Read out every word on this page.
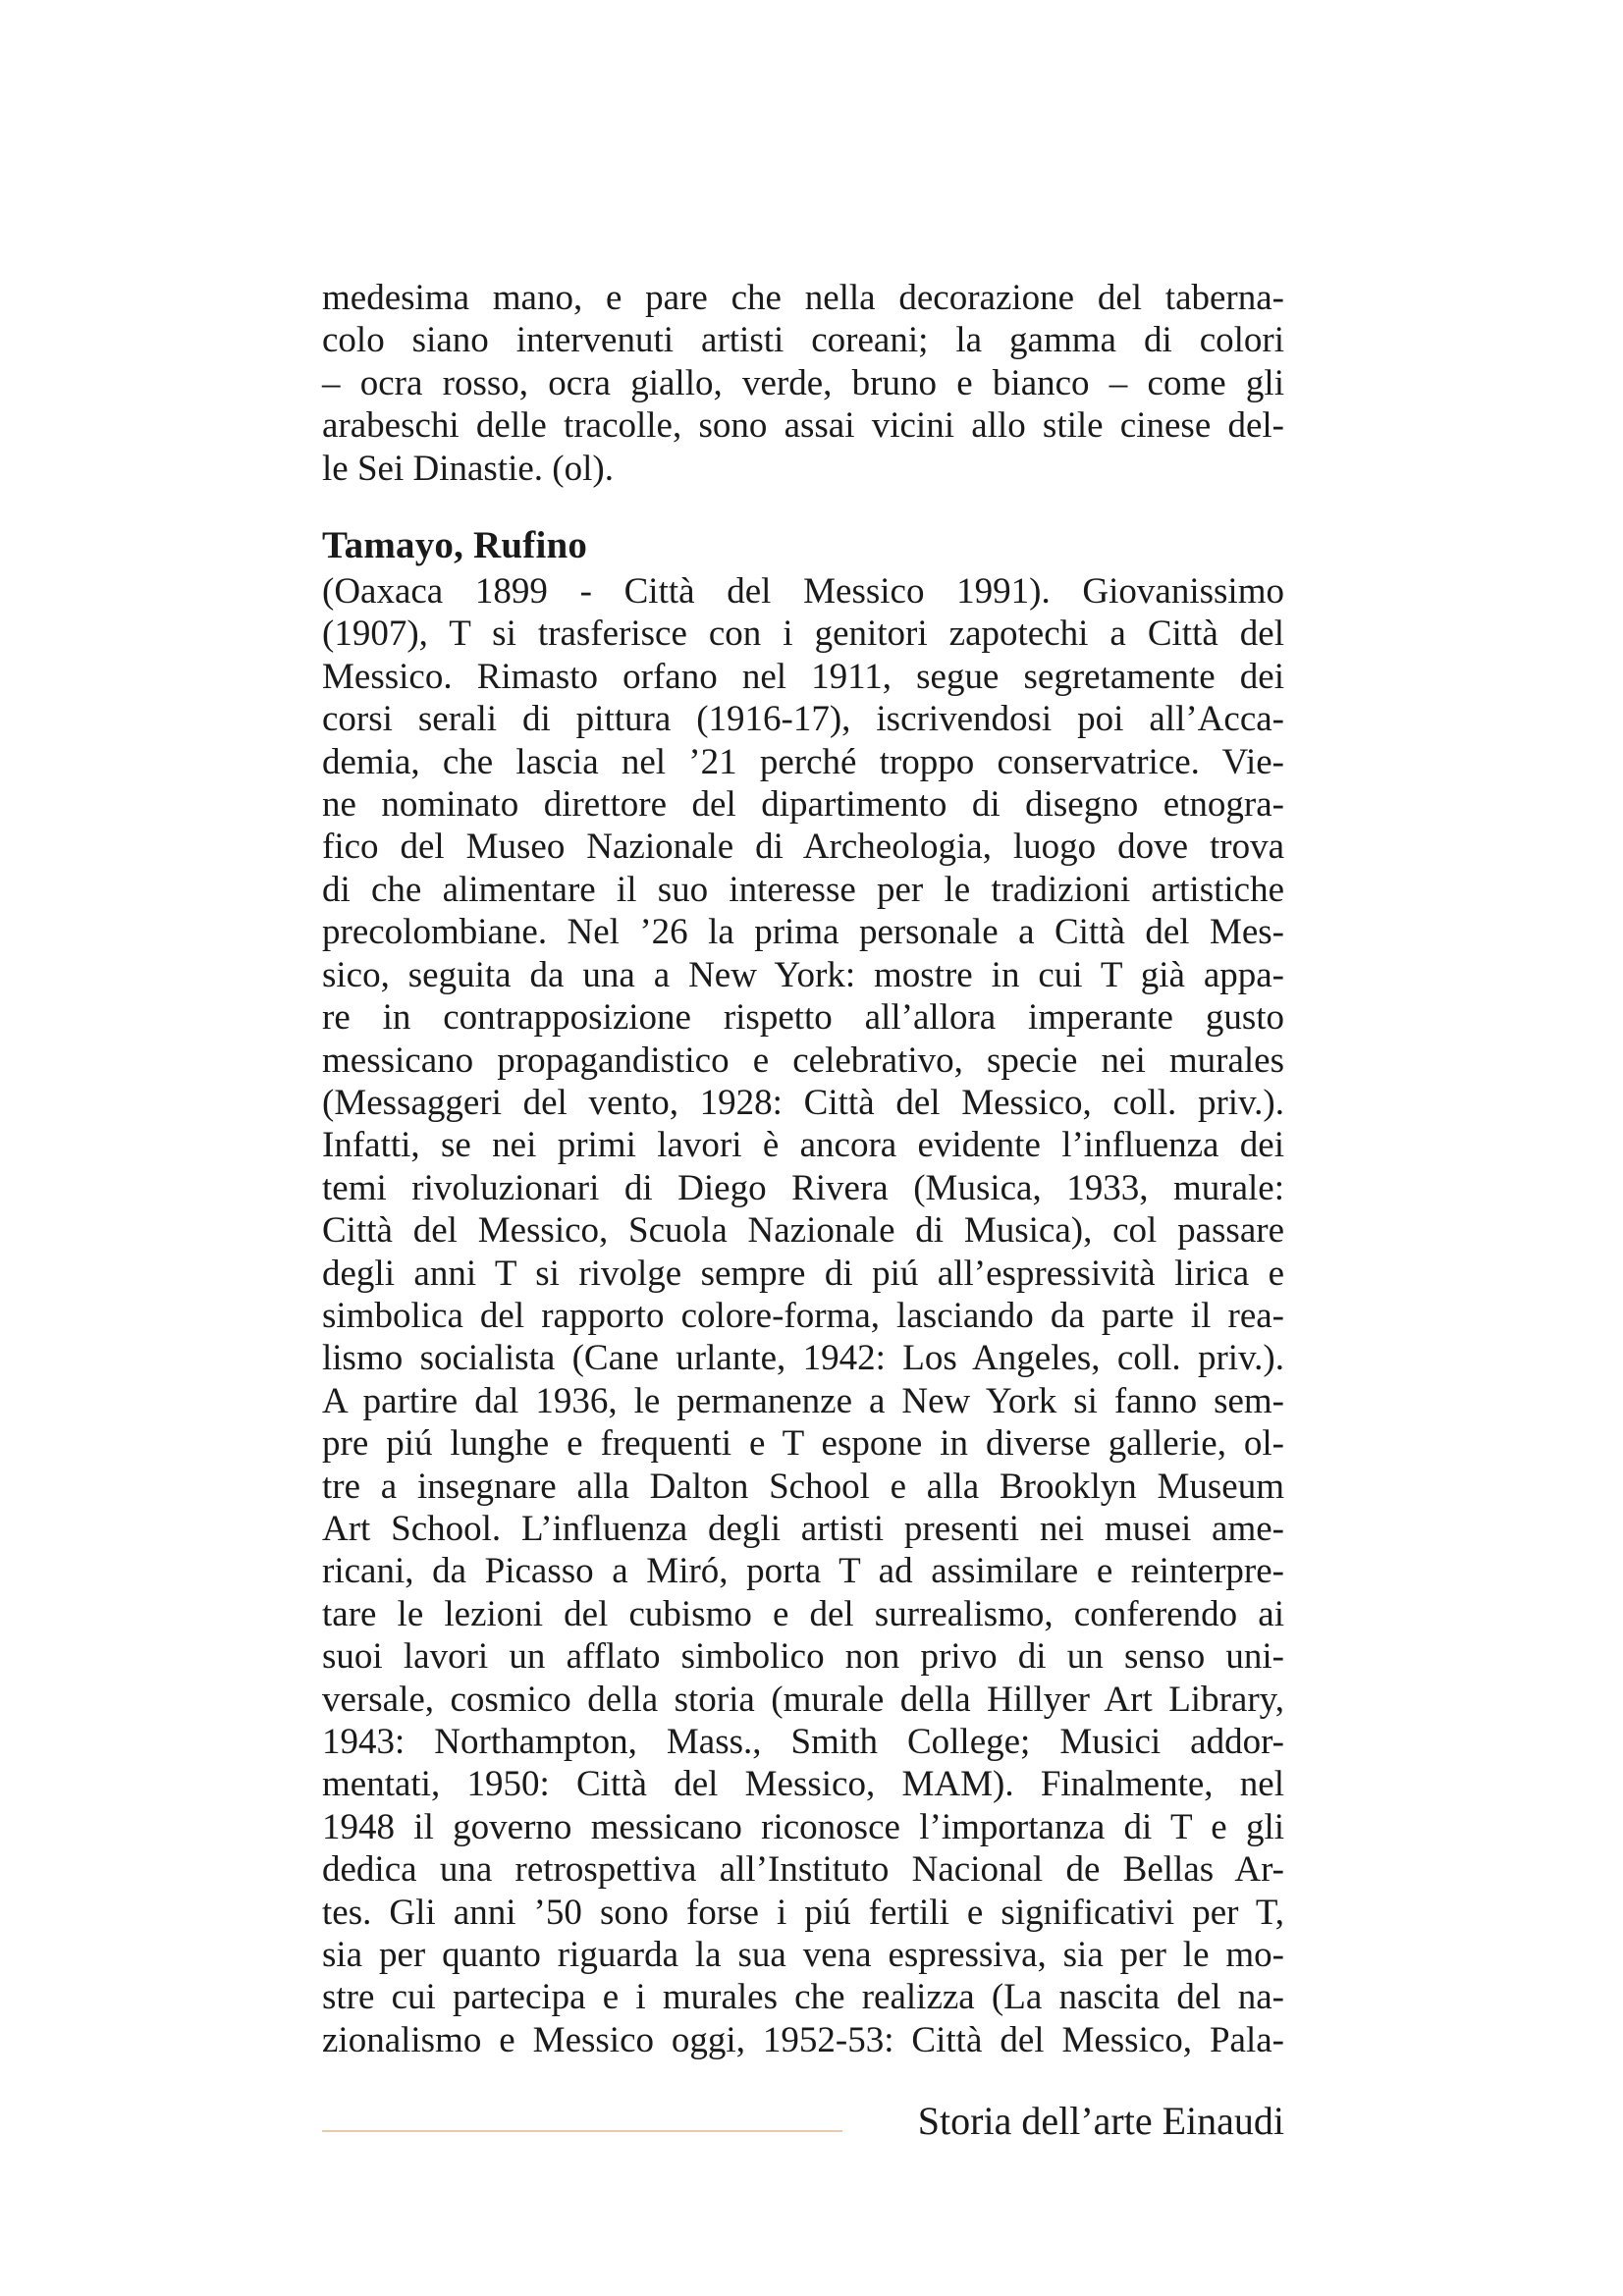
medesima mano, e pare che nella decorazione del taberna-
colo siano intervenuti artisti coreani; la gamma di colori
– ocra rosso, ocra giallo, verde, bruno e bianco – come gli
arabeschi delle tracolle, sono assai vicini allo stile cinese del-
le Sei Dinastie. (ol).

Tamayo, Rufino

(Oaxaca 1899 - Città del Messico 1991). Giovanissimo
(1907), T si trasferisce con i genitori zapotechi a Città del
Messico. Rimasto orfano nel 1911, segue segretamente dei
corsi serali di pittura (1916-17), iscrivendosi poi all’Acca-
demia, che lascia nel ’21 perché troppo conservatrice. Vie-
ne nominato direttore del dipartimento di disegno etnogra-
fico del Museo Nazionale di Archeologia, luogo dove trova
di che alimentare il suo interesse per le tradizioni artistiche
precolombiane. Nel ’26 la prima personale a Città del Mes-
sico, seguita da una a New York: mostre in cui T già appa-
re in contrapposizione rispetto all’allora imperante gusto
messicano propagandistico e celebrativo, specie nei murales
(Messaggeri del vento, 1928: Città del Messico, coll. priv.).
Infatti, se nei primi lavori è ancora evidente l’influenza dei
temi rivoluzionari di Diego Rivera (Musica, 1933, murale:
Città del Messico, Scuola Nazionale di Musica), col passare
degli anni T si rivolge sempre di piú all’espressività lirica e
simbolica del rapporto colore-forma, lasciando da parte il rea-
lismo socialista (Cane urlante, 1942: Los Angeles, coll. priv.).
A partire dal 1936, le permanenze a New York si fanno sem-
pre piú lunghe e frequenti e T espone in diverse gallerie, ol-
tre a insegnare alla Dalton School e alla Brooklyn Museum
Art School. L’influenza degli artisti presenti nei musei ame-
ricani, da Picasso a Miró, porta T ad assimilare e reinterpre-
tare le lezioni del cubismo e del surrealismo, conferendo ai
suoi lavori un afflato simbolico non privo di un senso uni-
versale, cosmico della storia (murale della Hillyer Art Library,
1943: Northampton, Mass., Smith College; Musici addor-
mentati, 1950: Città del Messico, MAM). Finalmente, nel
1948 il governo messicano riconosce l’importanza di T e gli
dedica una retrospettiva all’Instituto Nacional de Bellas Ar-
tes. Gli anni ’50 sono forse i piú fertili e significativi per T,
sia per quanto riguarda la sua vena espressiva, sia per le mo-
stre cui partecipa e i murales che realizza (La nascita del na-
zionalismo e Messico oggi, 1952-53: Città del Messico, Pala-

Storia dell’arte Einaudi
